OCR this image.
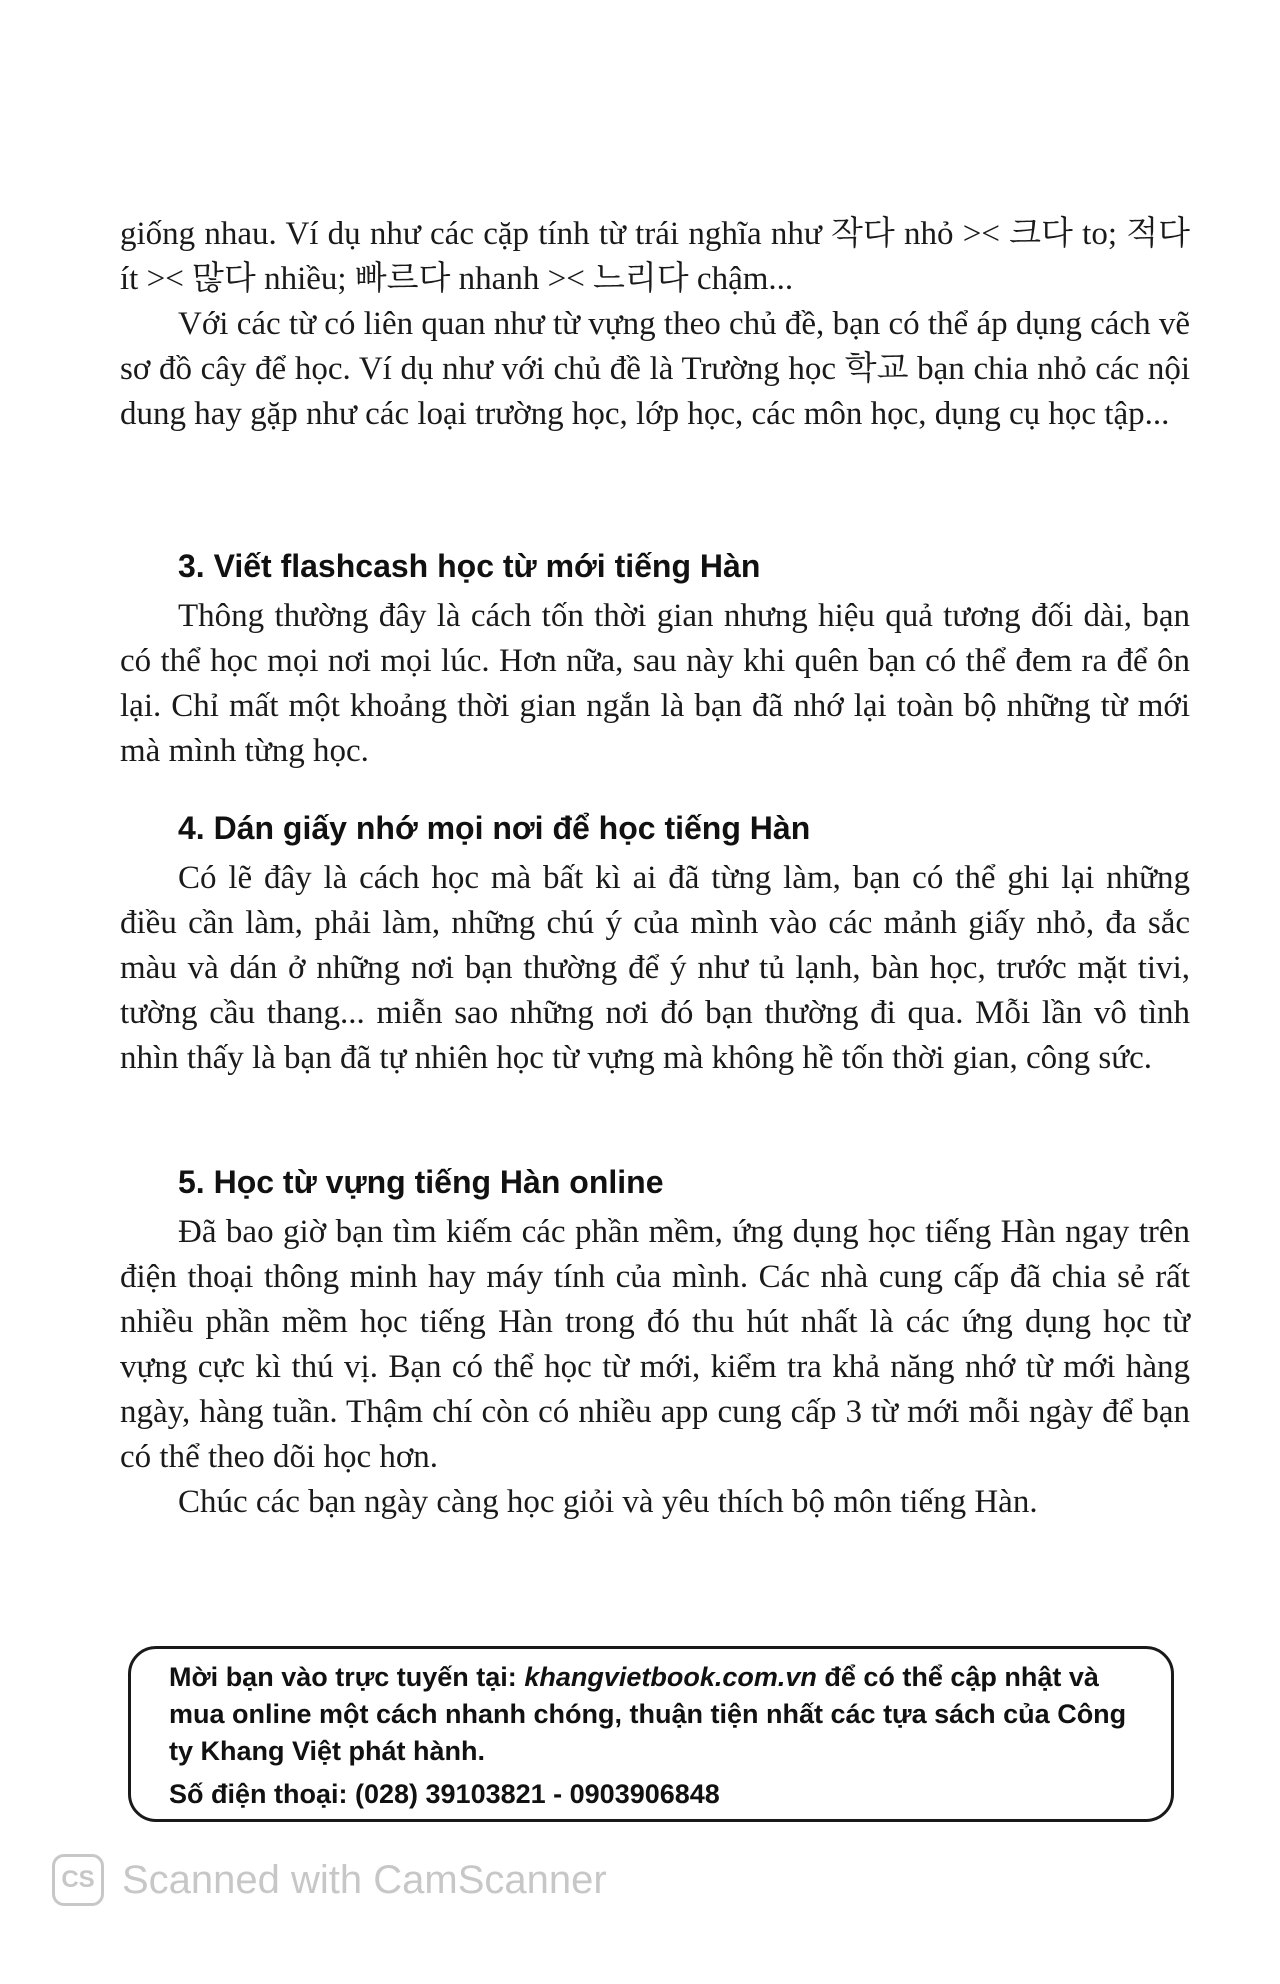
giống nhau. Ví dụ như các cặp tính từ trái nghĩa như 작다 nhỏ >< 크다 to; 적다 ít >< 많다 nhiều; 빠르다 nhanh >< 느리다 chậm...

Với các từ có liên quan như từ vựng theo chủ đề, bạn có thể áp dụng cách vẽ sơ đồ cây để học. Ví dụ như với chủ đề là Trường học 학교 bạn chia nhỏ các nội dung hay gặp như các loại trường học, lớp học, các môn học, dụng cụ học tập...

3. Viết flashcash học từ mới tiếng Hàn

Thông thường đây là cách tốn thời gian nhưng hiệu quả tương đối dài, bạn có thể học mọi nơi mọi lúc. Hơn nữa, sau này khi quên bạn có thể đem ra để ôn lại. Chỉ mất một khoảng thời gian ngắn là bạn đã nhớ lại toàn bộ những từ mới mà mình từng học.

4. Dán giấy nhớ mọi nơi để học tiếng Hàn

Có lẽ đây là cách học mà bất kì ai đã từng làm, bạn có thể ghi lại những điều cần làm, phải làm, những chú ý của mình vào các mảnh giấy nhỏ, đa sắc màu và dán ở những nơi bạn thường để ý như tủ lạnh, bàn học, trước mặt tivi, tường cầu thang... miễn sao những nơi đó bạn thường đi qua. Mỗi lần vô tình nhìn thấy là bạn đã tự nhiên học từ vựng mà không hề tốn thời gian, công sức.

5. Học từ vựng tiếng Hàn online

Đã bao giờ bạn tìm kiếm các phần mềm, ứng dụng học tiếng Hàn ngay trên điện thoại thông minh hay máy tính của mình. Các nhà cung cấp đã chia sẻ rất nhiều phần mềm học tiếng Hàn trong đó thu hút nhất là các ứng dụng học từ vựng cực kì thú vị. Bạn có thể học từ mới, kiểm tra khả năng nhớ từ mới hàng ngày, hàng tuần. Thậm chí còn có nhiều app cung cấp 3 từ mới mỗi ngày để bạn có thể theo dõi học hơn.

Chúc các bạn ngày càng học giỏi và yêu thích bộ môn tiếng Hàn.

Mời bạn vào trực tuyến tại: khangvietbook.com.vn để có thể cập nhật và mua online một cách nhanh chóng, thuận tiện nhất các tựa sách của Công ty Khang Việt phát hành.

Số điện thoại: (028) 39103821 - 0903906848

CS Scanned with CamScanner
